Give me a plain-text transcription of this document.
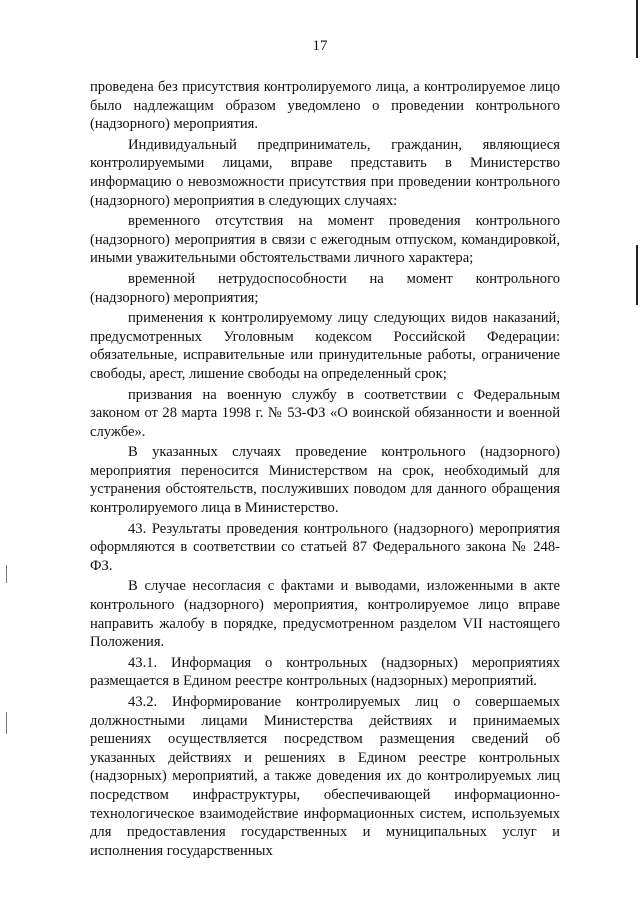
17

проведена без присутствия контролируемого лица, а контролируемое лицо было надлежащим образом уведомлено о проведении контрольного (надзорного) мероприятия.

Индивидуальный предприниматель, гражданин, являющиеся контролируемыми лицами, вправе представить в Министерство информацию о невозможности присутствия при проведении контрольного (надзорного) мероприятия в следующих случаях:

временного отсутствия на момент проведения контрольного (надзорного) мероприятия в связи с ежегодным отпуском, командировкой, иными уважительными обстоятельствами личного характера;

временной нетрудоспособности на момент контрольного (надзорного) мероприятия;

применения к контролируемому лицу следующих видов наказаний, предусмотренных Уголовным кодексом Российской Федерации: обязательные, исправительные или принудительные работы, ограничение свободы, арест, лишение свободы на определенный срок;

призвания на военную службу в соответствии с Федеральным законом от 28 марта 1998 г. № 53-ФЗ «О воинской обязанности и военной службе».

В указанных случаях проведение контрольного (надзорного) мероприятия переносится Министерством на срок, необходимый для устранения обстоятельств, послуживших поводом для данного обращения контролируемого лица в Министерство.

43. Результаты проведения контрольного (надзорного) мероприятия оформляются в соответствии со статьей 87 Федерального закона № 248-ФЗ.

В случае несогласия с фактами и выводами, изложенными в акте контрольного (надзорного) мероприятия, контролируемое лицо вправе направить жалобу в порядке, предусмотренном разделом VII настоящего Положения.

43.1. Информация о контрольных (надзорных) мероприятиях размещается в Едином реестре контрольных (надзорных) мероприятий.

43.2. Информирование контролируемых лиц о совершаемых должностными лицами Министерства действиях и принимаемых решениях осуществляется посредством размещения сведений об указанных действиях и решениях в Едином реестре контрольных (надзорных) мероприятий, а также доведения их до контролируемых лиц посредством инфраструктуры, обеспечивающей информационно-технологическое взаимодействие информационных систем, используемых для предоставления государственных и муниципальных услуг и исполнения государственных
